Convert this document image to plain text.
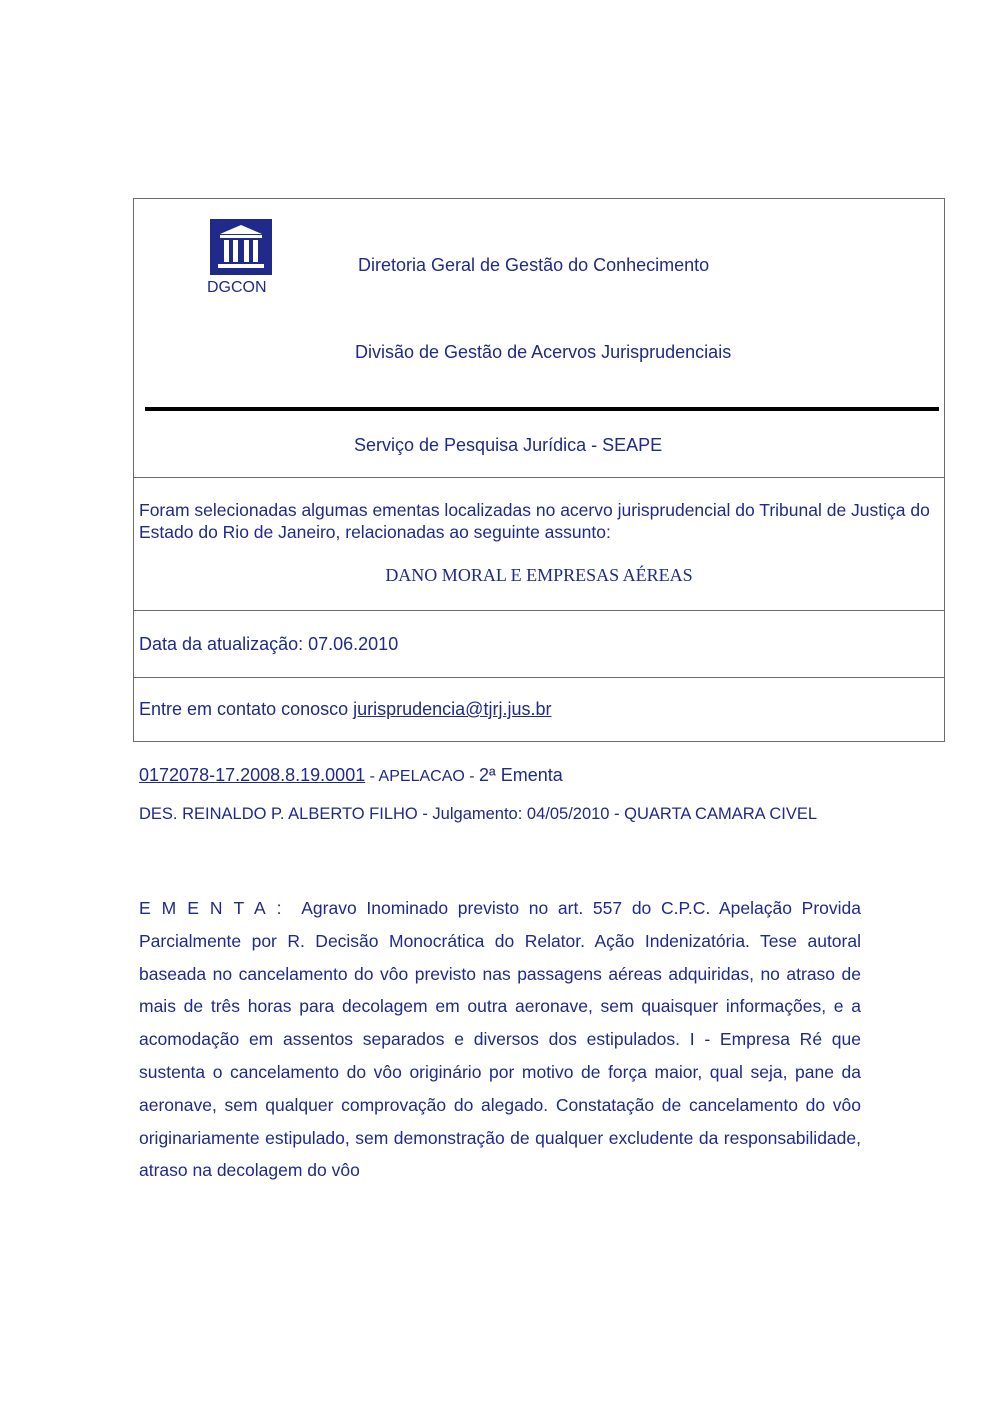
DGCON
Diretoria Geral de Gestão do Conhecimento
Divisão de Gestão de Acervos Jurisprudenciais
Serviço de Pesquisa Jurídica - SEAPE
Foram selecionadas algumas ementas localizadas no acervo jurisprudencial do Tribunal de Justiça do Estado do Rio de Janeiro, relacionadas ao seguinte assunto:
DANO MORAL E EMPRESAS AÉREAS
Data da atualização: 07.06.2010
Entre em contato conosco jurisprudencia@tjrj.jus.br
0172078-17.2008.8.19.0001 - APELACAO - 2ª Ementa
DES. REINALDO P. ALBERTO FILHO - Julgamento: 04/05/2010 - QUARTA CAMARA CIVEL
EMENTA: Agravo Inominado previsto no art. 557 do C.P.C. Apelação Provida Parcialmente por R. Decisão Monocrática do Relator. Ação Indenizatória. Tese autoral baseada no cancelamento do vôo previsto nas passagens aéreas adquiridas, no atraso de mais de três horas para decolagem em outra aeronave, sem quaisquer informações, e a acomodação em assentos separados e diversos dos estipulados. I - Empresa Ré que sustenta o cancelamento do vôo originário por motivo de força maior, qual seja, pane da aeronave, sem qualquer comprovação do alegado. Constatação de cancelamento do vôo originariamente estipulado, sem demonstração de qualquer excludente da responsabilidade, atraso na decolagem do vôo
